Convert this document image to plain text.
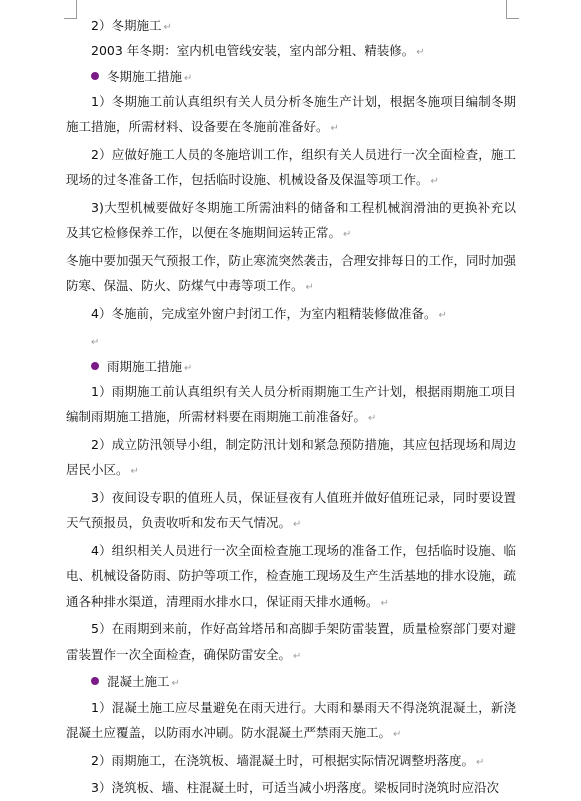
2）冬期施工 ↵
2003 年冬期：室内机电管线安装，室内部分粗、精装修。 ↵
冬期施工措施 ↵

1）冬期施工前认真组织有关人员分析冬施生产计划，根据冬施项目编制冬期施工措施，所需材料、设备要在冬施前准备好。 ↵

2）应做好施工人员的冬施培训工作，组织有关人员进行一次全面检查，施工现场的过冬准备工作，包括临时设施、机械设备及保温等项工作。 ↵

3)大型机械要做好冬期施工所需油料的储备和工程机械润滑油的更换补充以及其它检修保养工作，以便在冬施期间运转正常。 ↵

冬施中要加强天气预报工作，防止寒流突然袭击，合理安排每日的工作，同时加强防寒、保温、防火、防煤气中毒等项工作。 ↵

4）冬施前，完成室外窗户封闭工作，为室内粗精装修做准备。 ↵

↵
雨期施工措施 ↵

1）雨期施工前认真组织有关人员分析雨期施工生产计划，根据雨期施工项目编制雨期施工措施，所需材料要在雨期施工前准备好。 ↵

2）成立防汛领导小组，制定防汛计划和紧急预防措施，其应包括现场和周边居民小区。 ↵

3）夜间设专职的值班人员，保证昼夜有人值班并做好值班记录，同时要设置天气预报员，负责收听和发布天气情况。 ↵

4）组织相关人员进行一次全面检查施工现场的准备工作，包括临时设施、临电、机械设备防雨、防护等项工作，检查施工现场及生产生活基地的排水设施，疏通各种排水渠道，清理雨水排水口，保证雨天排水通畅。 ↵

5）在雨期到来前，作好高耸塔吊和高脚手架防雷装置，质量检察部门要对避雷装置作一次全面检查，确保防雷安全。 ↵

混凝土施工 ↵

1）混凝土施工应尽量避免在雨天进行。大雨和暴雨天不得浇筑混凝土，新浇混凝土应覆盖，以防雨水冲刷。防水混凝土严禁雨天施工。 ↵

2）雨期施工，在浇筑板、墙混凝土时，可根据实际情况调整坍落度。 ↵

3）浇筑板、墙、柱混凝土时，可适当减小坍落度。梁板同时浇筑时应沿次
